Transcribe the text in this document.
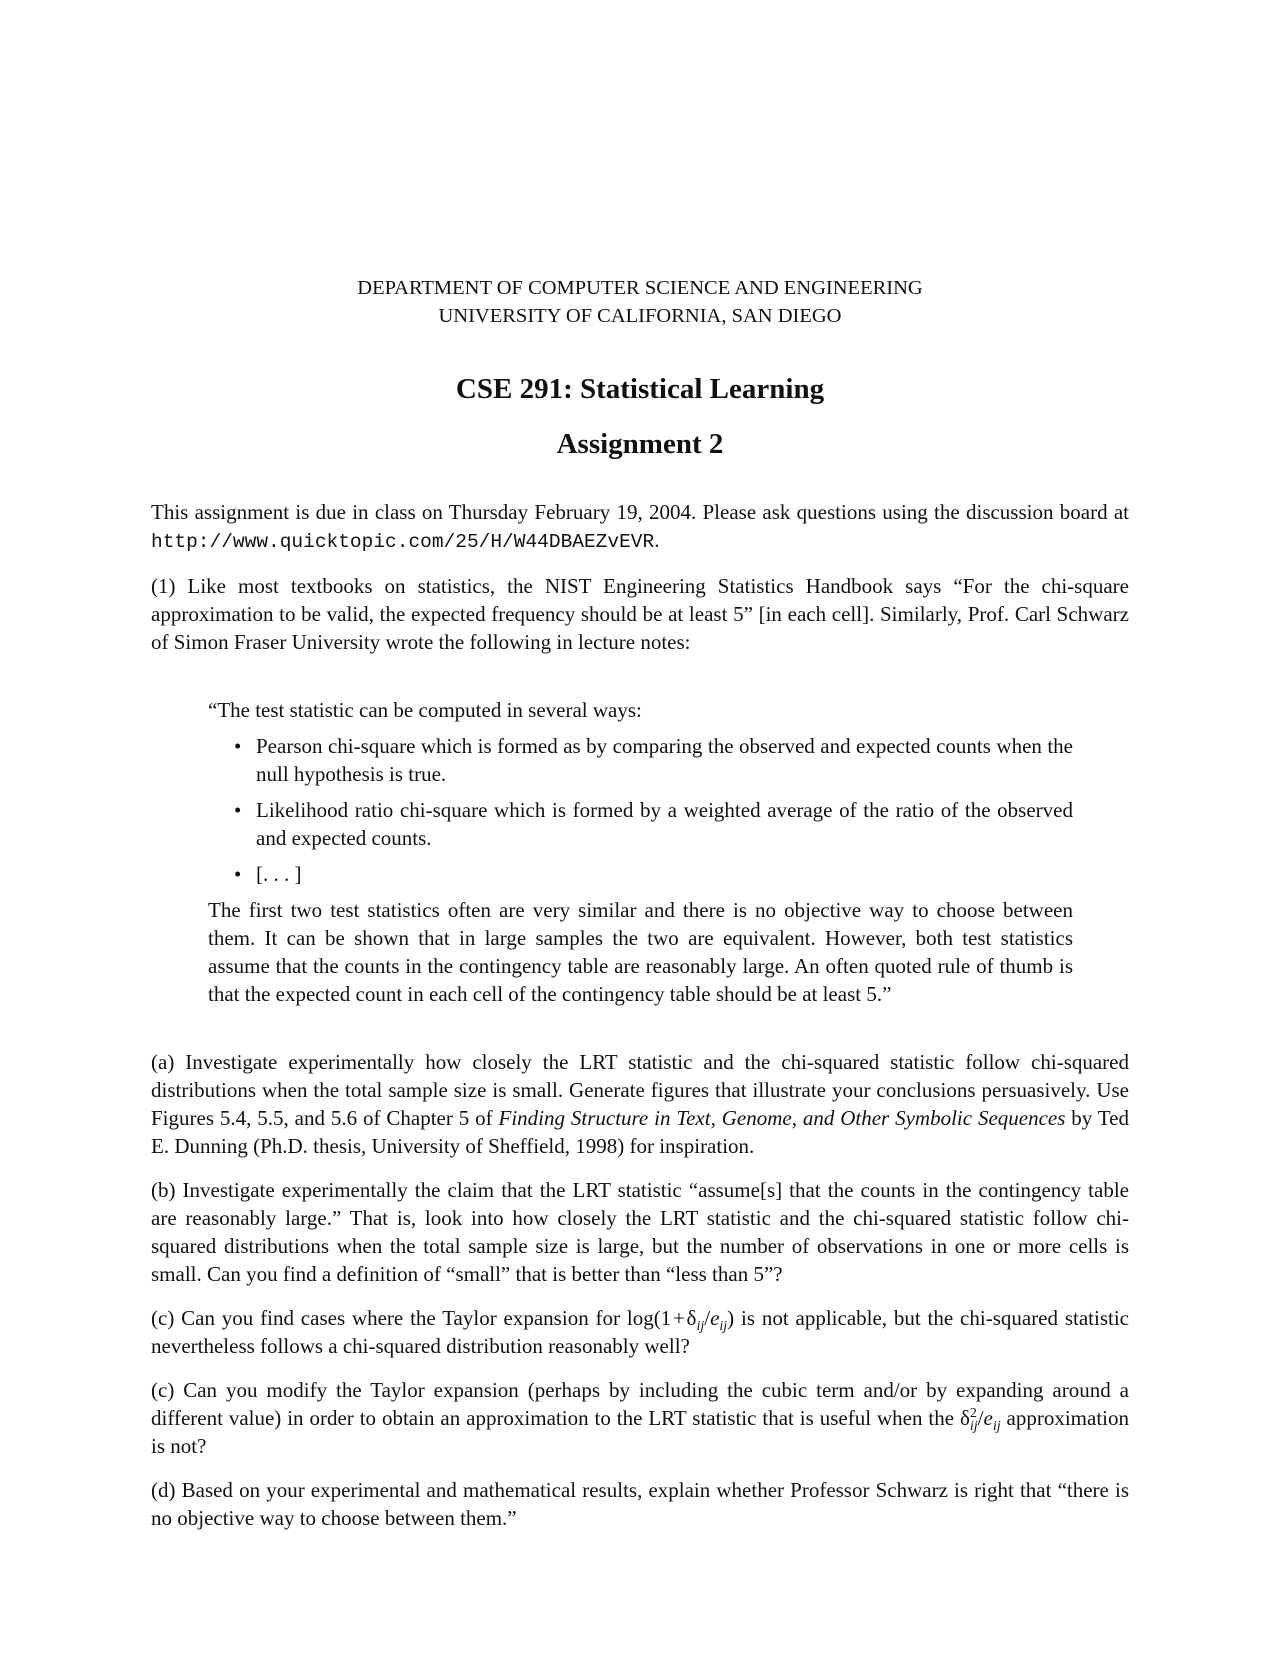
DEPARTMENT OF COMPUTER SCIENCE AND ENGINEERING
UNIVERSITY OF CALIFORNIA, SAN DIEGO
CSE 291: Statistical Learning
Assignment 2

This assignment is due in class on Thursday February 19, 2004. Please ask questions using the discussion board at http://www.quicktopic.com/25/H/W44DBAEZvEVR.

(1) Like most textbooks on statistics, the NIST Engineering Statistics Handbook says “For the chi-square approximation to be valid, the expected frequency should be at least 5” [in each cell]. Similarly, Prof. Carl Schwarz of Simon Fraser University wrote the following in lecture notes:

“The test statistic can be computed in several ways:

• Pearson chi-square which is formed as by comparing the observed and expected counts when the null hypothesis is true.
• Likelihood ratio chi-square which is formed by a weighted average of the ratio of the observed and expected counts.
• [. . . ]

The first two test statistics often are very similar and there is no objective way to choose between them. It can be shown that in large samples the two are equivalent. However, both test statistics assume that the counts in the contingency table are reasonably large. An often quoted rule of thumb is that the expected count in each cell of the contingency table should be at least 5.”

(a) Investigate experimentally how closely the LRT statistic and the chi-squared statistic follow chi-squared distributions when the total sample size is small. Generate figures that illustrate your conclusions persuasively. Use Figures 5.4, 5.5, and 5.6 of Chapter 5 of Finding Structure in Text, Genome, and Other Symbolic Sequences by Ted E. Dunning (Ph.D. thesis, University of Sheffield, 1998) for inspiration.

(b) Investigate experimentally the claim that the LRT statistic “assume[s] that the counts in the contingency table are reasonably large.” That is, look into how closely the LRT statistic and the chi-squared statistic follow chi-squared distributions when the total sample size is large, but the number of observations in one or more cells is small. Can you find a definition of “small” that is better than “less than 5”?

(c) Can you find cases where the Taylor expansion for log(1 + $\delta_{ij}/e_{ij}$) is not applicable, but the chi-squared statistic nevertheless follows a chi-squared distribution reasonably well?

(c) Can you modify the Taylor expansion (perhaps by including the cubic term and/or by expanding around a different value) in order to obtain an approximation to the LRT statistic that is useful when the $\delta^2_{ij}/e_{ij}$ approximation is not?

(d) Based on your experimental and mathematical results, explain whether Professor Schwarz is right that “there is no objective way to choose between them.”
